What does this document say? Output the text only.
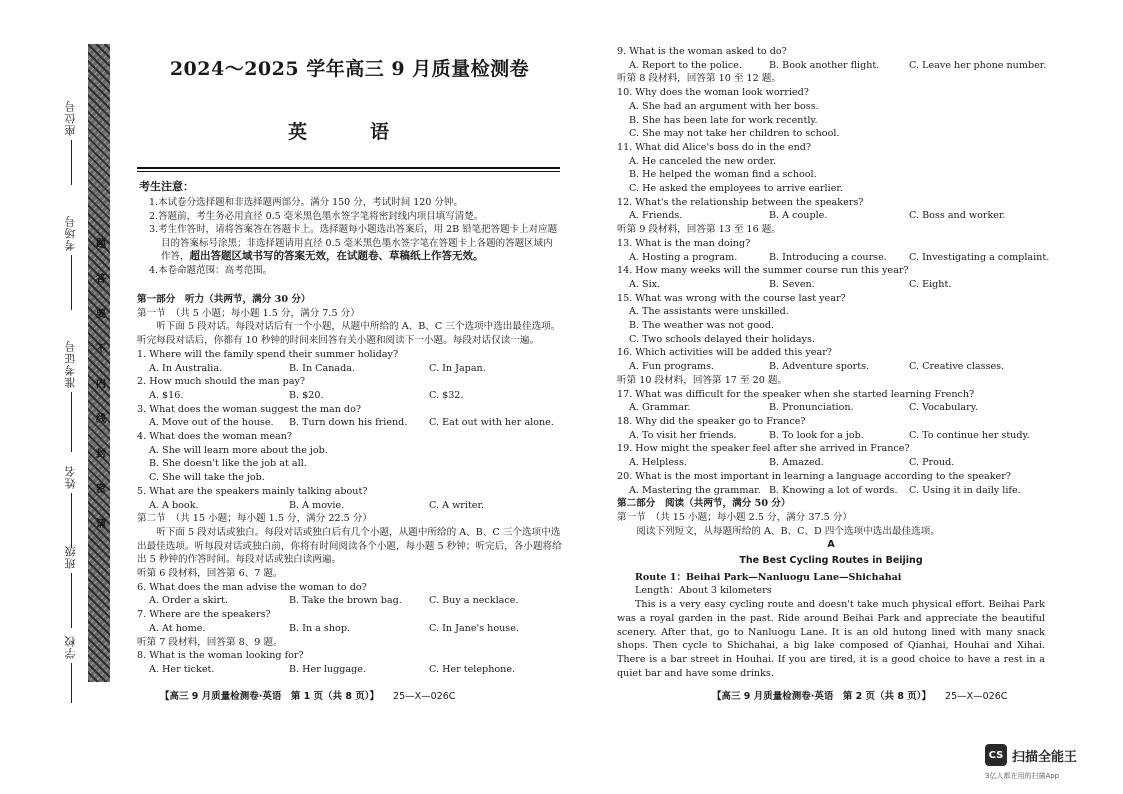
座位号
考场号
准考证号
姓名
班级
学校
题
答
要
不
内
线
封
密
请
2024～2025 学年高三 9 月质量检测卷
英　语
考生注意：
1.本试卷分选择题和非选择题两部分。满分 150 分，考试时间 120 分钟。
2.答题前，考生务必用直径 0.5 毫米黑色墨水签字笔将密封线内项目填写清楚。
3.考生作答时，请将答案答在答题卡上。选择题每小题选出答案后，用 2B 铅笔把答题卡上对应题目的答案标号涂黑；非选择题请用直径 0.5 毫米黑色墨水签字笔在答题卡上各题的答题区域内作答，超出答题区域书写的答案无效，在试题卷、草稿纸上作答无效。
4.本卷命题范围：高考范围。
第一部分　听力（共两节，满分 30 分）
第一节　（共 5 小题；每小题 1.5 分，满分 7.5 分）
听下面 5 段对话。每段对话后有一个小题，从题中所给的 A、B、C 三个选项中选出最佳选项。听完每段对话后，你都有 10 秒钟的时间来回答有关小题和阅读下一小题。每段对话仅读一遍。
1. Where will the family spend their summer holiday?
A. In Australia.	B. In Canada.	C. In Japan.
2. How much should the man pay?
A. $16.	B. $20.	C. $32.
3. What does the woman suggest the man do?
A. Move out of the house.	B. Turn down his friend.	C. Eat out with her alone.
4. What does the woman mean?
A. She will learn more about the job.
B. She doesn't like the job at all.
C. She will take the job.
5. What are the speakers mainly talking about?
A. A book.	B. A movie.	C. A writer.
第二节　（共 15 小题；每小题 1.5 分，满分 22.5 分）
听下面 5 段对话或独白。每段对话或独白后有几个小题，从题中所给的 A、B、C 三个选项中选出最佳选项。听每段对话或独白前，你将有时间阅读各个小题，每小题 5 秒钟；听完后，各小题将给出 5 秒钟的作答时间。每段对话或独白读两遍。
听第 6 段材料，回答第 6、7 题。
6. What does the man advise the woman to do?
A. Order a skirt.	B. Take the brown bag.	C. Buy a necklace.
7. Where are the speakers?
A. At home.	B. In a shop.	C. In Jane's house.
听第 7 段材料，回答第 8、9 题。
8. What is the woman looking for?
A. Her ticket.	B. Her luggage.	C. Her telephone.
【高三 9 月质量检测卷·英语　第 1 页（共 8 页）】 25—X—026C
9. What is the woman asked to do?
A. Report to the police.	B. Book another flight.	C. Leave her phone number.
听第 8 段材料，回答第 10 至 12 题。
10. Why does the woman look worried?
A. She had an argument with her boss.
B. She has been late for work recently.
C. She may not take her children to school.
11. What did Alice's boss do in the end?
A. He canceled the new order.
B. He helped the woman find a school.
C. He asked the employees to arrive earlier.
12. What's the relationship between the speakers?
A. Friends.	B. A couple.	C. Boss and worker.
听第 9 段材料，回答第 13 至 16 题。
13. What is the man doing?
A. Hosting a program.	B. Introducing a course.	C. Investigating a complaint.
14. How many weeks will the summer course run this year?
A. Six.	B. Seven.	C. Eight.
15. What was wrong with the course last year?
A. The assistants were unskilled.
B. The weather was not good.
C. Two schools delayed their holidays.
16. Which activities will be added this year?
A. Fun programs.	B. Adventure sports.	C. Creative classes.
听第 10 段材料，回答第 17 至 20 题。
17. What was difficult for the speaker when she started learning French?
A. Grammar.	B. Pronunciation.	C. Vocabulary.
18. Why did the speaker go to France?
A. To visit her friends.	B. To look for a job.	C. To continue her study.
19. How might the speaker feel after she arrived in France?
A. Helpless.	B. Amazed.	C. Proud.
20. What is the most important in learning a language according to the speaker?
A. Mastering the grammar. B. Knowing a lot of words.	C. Using it in daily life.
第二部分　阅读（共两节，满分 50 分）
第一节　（共 15 小题；每小题 2.5 分，满分 37.5 分）
阅读下列短文，从每题所给的 A、B、C、D 四个选项中选出最佳选项。
A
The Best Cycling Routes in Beijing
Route 1：Beihai Park—Nanluogu Lane—Shichahai
Length：About 3 kilometers
This is a very easy cycling route and doesn't take much physical effort. Beihai Park was a royal garden in the past. Ride around Beihai Park and appreciate the beautiful scenery. After that, go to Nanluogu Lane. It is an old hutong lined with many snack shops. Then cycle to Shichahai, a big lake composed of Qianhai, Houhai and Xihai. There is a bar street in Houhai. If you are tired, it is a good choice to have a rest in a quiet bar and have some drinks.
【高三 9 月质量检测卷·英语　第 2 页（共 8 页）】 25—X—026C
CS 扫描全能王
3亿人都在用的扫描App
